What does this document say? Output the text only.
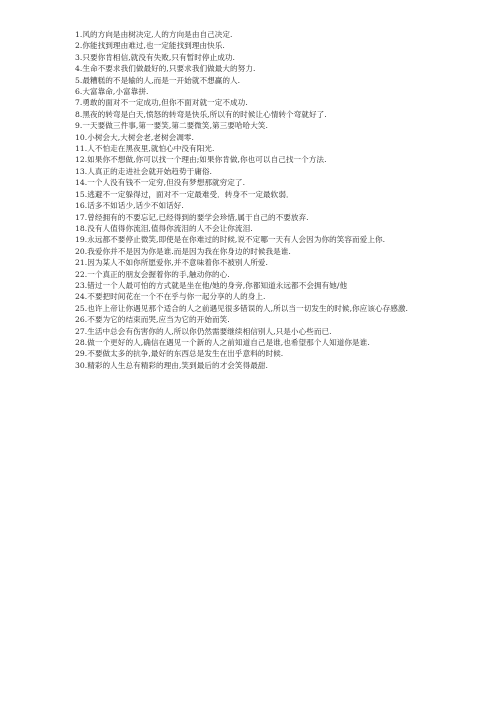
1.风的方向是由树决定,人的方向是由自己决定.

2.你能找到理由难过,也一定能找到理由快乐.

3.只要你肯相信,就没有失败,只有暂时停止成功.

4.生命不要求我们做最好的,只要求我们做最大的努力.

5.最糟糕的不是输的人,而是一开始就不想赢的人.

6.大富靠命,小富靠拼.

7.勇敢的面对不一定成功,但你不面对就一定不成功.

8.黑夜的转弯是白天,愤怒的转弯是快乐,所以有的时候让心情转个弯就好了.

9.一天要做三件事,第一要笑,第二要微笑,第三要哈哈大笑.

10.小树会大,大树会老,老树会凋零.

11.人不怕走在黑夜里,就怕心中没有阳光.

12.如果你不想做,你可以找一个理由;如果你肯做,你也可以自己找一个方法.

13.人真正的走进社会就开始趋势于庸俗.

14.一个人没有钱不一定穷,但没有梦想那就穷定了.

15.逃避不一定躲得过，面对不一定最难受．转身不一定最软弱．

16.话多不如话少,话少不如话好.

17.曾经拥有的不要忘记,已经得到的要学会珍惜,属于自己的不要放弃.

18.没有人值得你流泪,值得你流泪的人不会让你流泪.

19.永远都不要停止微笑,即使是在你难过的时候,说不定哪一天有人会因为你的笑容而爱上你.

20.我爱你并不是因为你是谁.而是因为我在你身边的时候我是谁.

21.因为某人不如你所愿爱你,并不意味着你不被别人所爱.

22.一个真正的朋友会握着你的手,触动你的心.

23.错过一个人最可怕的方式就是坐在他/她的身旁,你都知道永远都不会拥有她/他

24.不要把时间花在一个不在乎与你一起分享的人的身上.

25.也许上帝让你遇见那个适合的人之前遇见很多错误的人,所以当一切发生的时候,你应该心存感激.

26.不要为它的结束而哭,应当为它的开始而笑.

27.生活中总会有伤害你的人,所以你仍然需要继续相信别人,只是小心些而已.

28.做一个更好的人,确信在遇见一个新的人之前知道自己是谁,也希望那个人知道你是谁.

29.不要做太多的抗争,最好的东西总是发生在出乎意料的时候.

30.精彩的人生总有精彩的理由,笑到最后的才会笑得最甜.
